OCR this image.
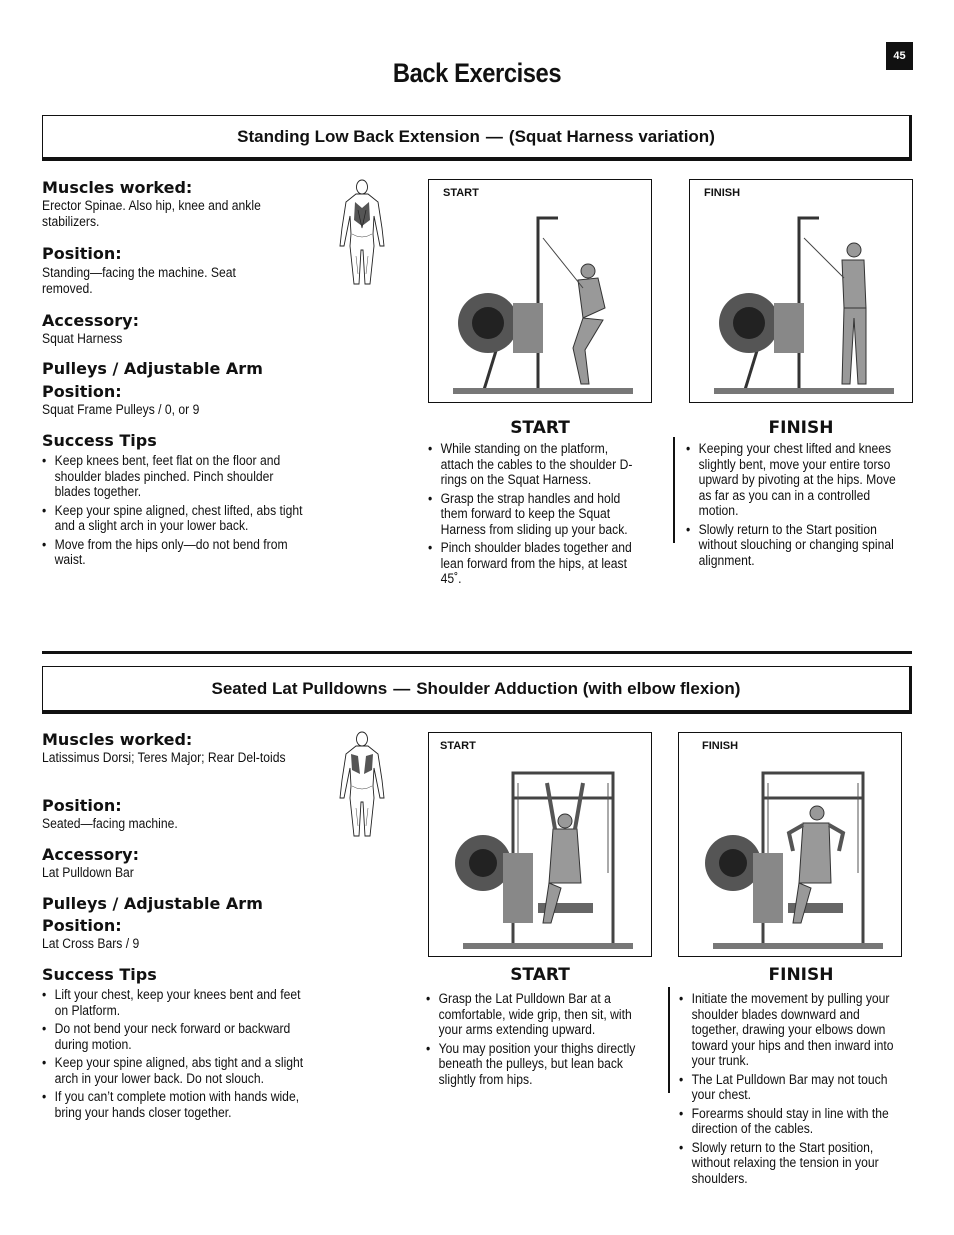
45
Back Exercises
Standing Low Back Extension — (Squat Harness variation)
Muscles worked:
Erector Spinae. Also hip, knee and ankle stabilizers.
Position:
Standing—facing the machine. Seat removed.
Accessory:
Squat Harness
Pulleys / Adjustable Arm
Position:
Squat Frame Pulleys / 0, or 9
Success Tips
• Keep knees bent, feet flat on the floor and shoulder blades pinched. Pinch shoulder blades together.
• Keep your spine aligned, chest lifted, abs tight and a slight arch in your lower back.
• Move from the hips only—do not bend from waist.
START	FINISH
START
• While standing on the platform, attach the cables to the shoulder D-rings on the Squat Harness.
• Grasp the strap handles and hold them forward to keep the Squat Harness from sliding up your back.
• Pinch shoulder blades together and lean forward from the hips, at least 45˚.
FINISH
• Keeping your chest lifted and knees slightly bent, move your entire torso upward by pivoting at the hips. Move as far as you can in a controlled motion.
• Slowly return to the Start position without slouching or changing spinal alignment.
Seated Lat Pulldowns — Shoulder Adduction (with elbow flexion)
Muscles worked:
Latissimus Dorsi; Teres Major; Rear Del-toids
Position:
Seated—facing machine.
Accessory:
Lat Pulldown Bar
Pulleys / Adjustable Arm
Position:
Lat Cross Bars / 9
Success Tips
• Lift your chest, keep your knees bent and feet on Platform.
• Do not bend your neck forward or backward during motion.
• Keep your spine aligned, abs tight and a slight arch in your lower back. Do not slouch.
• If you can’t complete motion with hands wide, bring your hands closer together.
START	FINISH
START
• Grasp the Lat Pulldown Bar at a comfortable, wide grip, then sit, with your arms extending upward.
• You may position your thighs directly beneath the pulleys, but lean back slightly from hips.
FINISH
• Initiate the movement by pulling your shoulder blades downward and together, drawing your elbows down toward your hips and then inward into your trunk.
• The Lat Pulldown Bar may not touch your chest.
• Forearms should stay in line with the direction of the cables.
• Slowly return to the Start position, without relaxing the tension in your shoulders.
